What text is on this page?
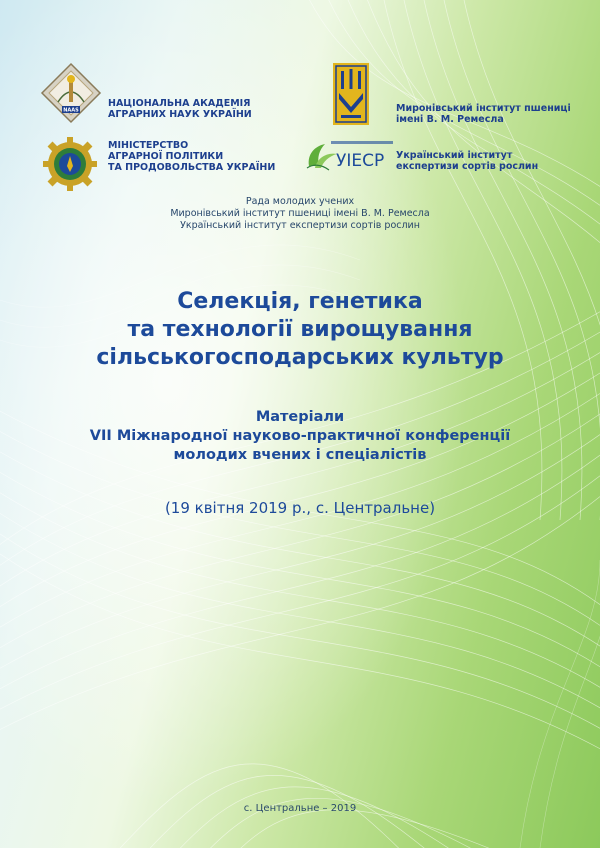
NAAS
НАЦІОНАЛЬНА АКАДЕМІЯ
АГРАРНИХ НАУК УКРАЇНИ
МІНІСТЕРСТВО
АГРАРНОЇ ПОЛІТИКИ
ТА ПРОДОВОЛЬСТВА УКРАЇНИ
Миронівський інститут пшениці
імені В. М. Ремесла
УІЕСР Український інститут
експертизи сортів рослин
Рада молодих учених
Миронівський інститут пшениці імені В. М. Ремесла
Український інститут експертизи сортів рослин
Селекція, генетика
та технології вирощування
сільськогосподарських культур
Матеріали
VII Міжнародної науково-практичної конференції
молодих вчених і спеціалістів
(19 квітня 2019 р., с. Центральне)
с. Центральне – 2019
